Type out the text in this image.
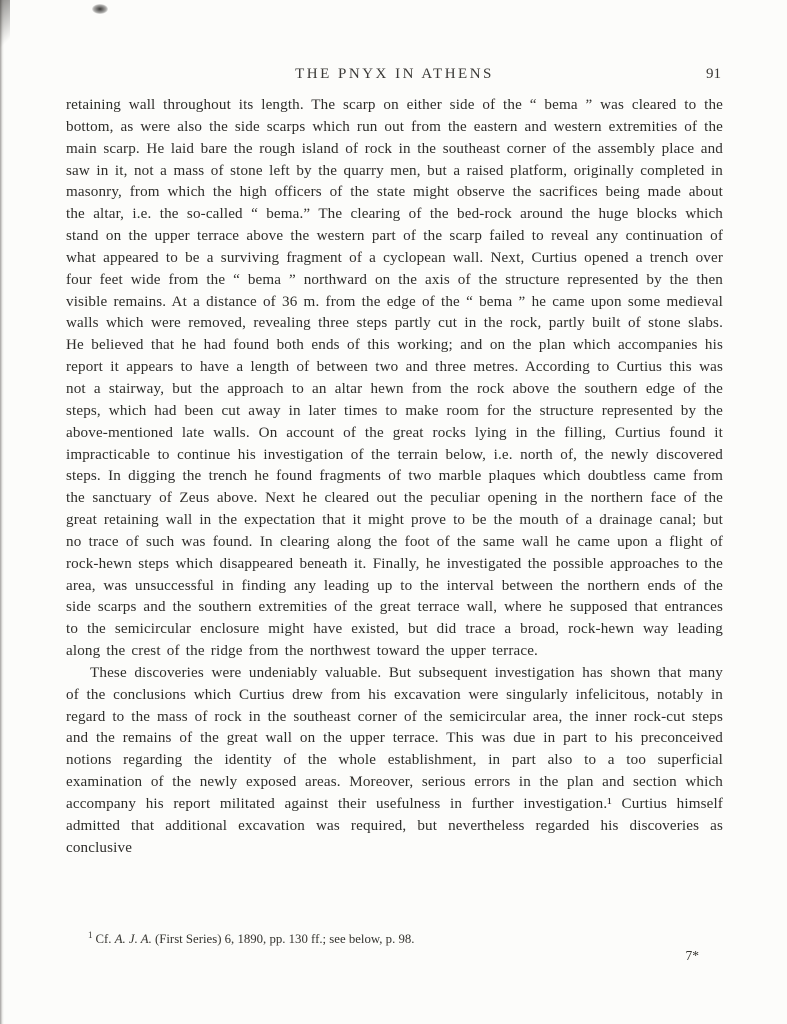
THE PNYX IN ATHENS	91

retaining wall throughout its length. The scarp on either side of the “ bema ” was cleared to the bottom, as were also the side scarps which run out from the eastern and western extremities of the main scarp. He laid bare the rough island of rock in the southeast corner of the assembly place and saw in it, not a mass of stone left by the quarry men, but a raised platform, originally completed in masonry, from which the high officers of the state might observe the sacrifices being made about the altar, i.e. the so-called “ bema.” The clearing of the bed-rock around the huge blocks which stand on the upper terrace above the western part of the scarp failed to reveal any continuation of what appeared to be a surviving fragment of a cyclopean wall. Next, Curtius opened a trench over four feet wide from the “ bema ” northward on the axis of the structure represented by the then visible remains. At a distance of 36 m. from the edge of the “ bema ” he came upon some medieval walls which were removed, revealing three steps partly cut in the rock, partly built of stone slabs. He believed that he had found both ends of this working; and on the plan which accompanies his report it appears to have a length of between two and three metres. According to Curtius this was not a stairway, but the approach to an altar hewn from the rock above the southern edge of the steps, which had been cut away in later times to make room for the structure represented by the above-mentioned late walls. On account of the great rocks lying in the filling, Curtius found it impracticable to continue his investigation of the terrain below, i.e. north of, the newly discovered steps. In digging the trench he found fragments of two marble plaques which doubtless came from the sanctuary of Zeus above. Next he cleared out the peculiar opening in the northern face of the great retaining wall in the expectation that it might prove to be the mouth of a drainage canal; but no trace of such was found. In clearing along the foot of the same wall he came upon a flight of rock-hewn steps which disappeared beneath it. Finally, he investigated the possible approaches to the area, was unsuccessful in finding any leading up to the interval between the northern ends of the side scarps and the southern extremities of the great terrace wall, where he supposed that entrances to the semicircular enclosure might have existed, but did trace a broad, rock-hewn way leading along the crest of the ridge from the northwest toward the upper terrace.

These discoveries were undeniably valuable. But subsequent investigation has shown that many of the conclusions which Curtius drew from his excavation were singularly infelicitous, notably in regard to the mass of rock in the southeast corner of the semicircular area, the inner rock-cut steps and the remains of the great wall on the upper terrace. This was due in part to his preconceived notions regarding the identity of the whole establishment, in part also to a too superficial examination of the newly exposed areas. Moreover, serious errors in the plan and section which accompany his report militated against their usefulness in further investigation.¹ Curtius himself admitted that additional excavation was required, but nevertheless regarded his discoveries as conclusive

$^1$ Cf. A. J. A. (First Series) 6, 1890, pp. 130 ff.; see below, p. 98.
7*
